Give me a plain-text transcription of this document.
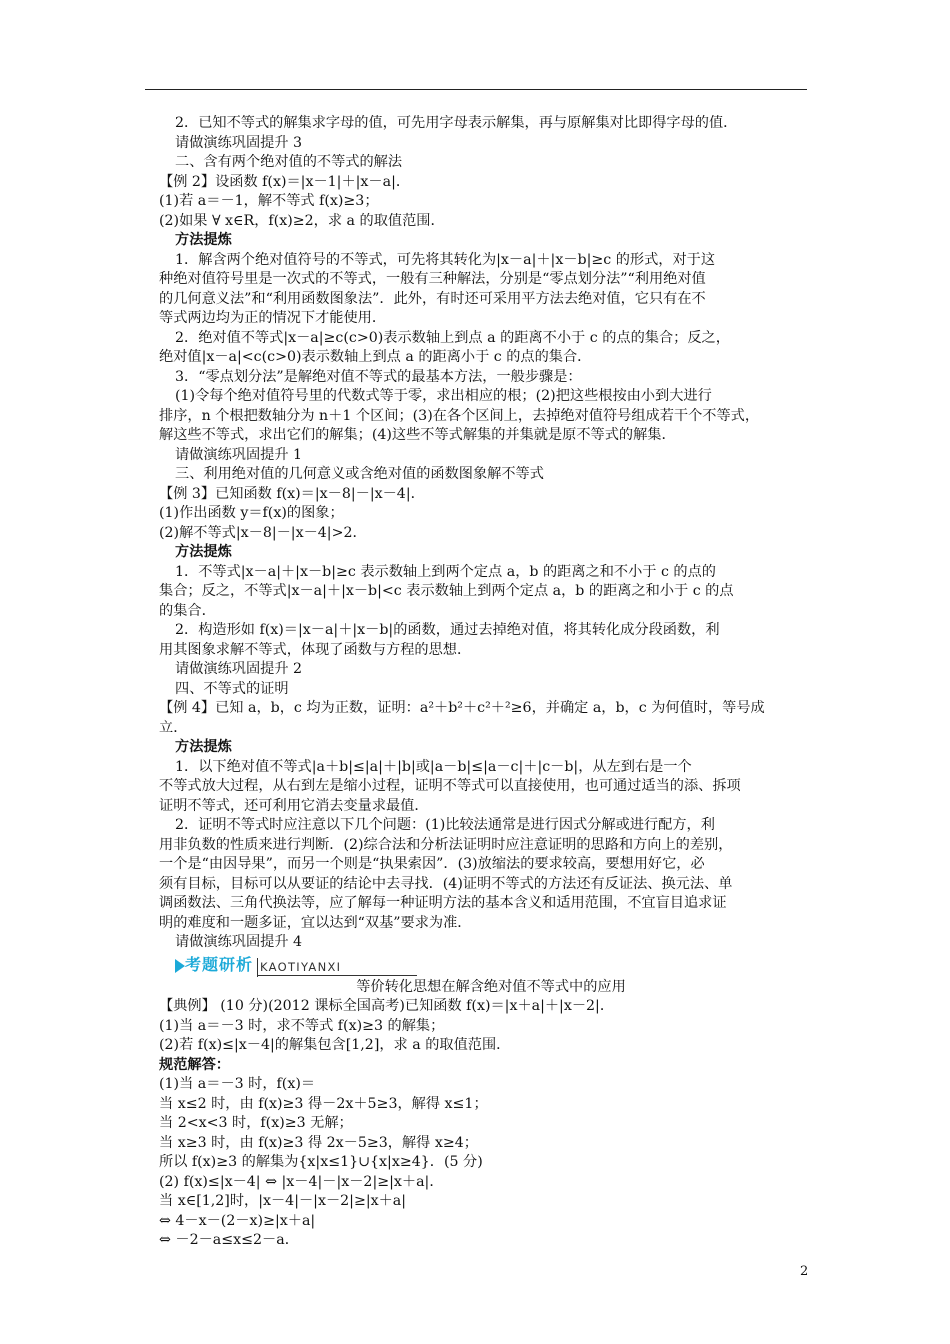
2．已知不等式的解集求字母的值，可先用字母表示解集，再与原解集对比即得字母的值．
请做演练巩固提升 3
二、含有两个绝对值的不等式的解法
【例 2】设函数 f(x)＝|x－1|＋|x－a|．
(1)若 a＝－1，解不等式 f(x)≥3；
(2)如果 ∀ x∈R，f(x)≥2，求 a 的取值范围．
方法提炼
1．解含两个绝对值符号的不等式，可先将其转化为|x－a|＋|x－b|≥c 的形式，对于这
种绝对值符号里是一次式的不等式，一般有三种解法，分别是“零点划分法”“利用绝对值
的几何意义法”和“利用函数图象法”．此外，有时还可采用平方法去绝对值，它只有在不
等式两边均为正的情况下才能使用．
2．绝对值不等式|x－a|≥c(c>0)表示数轴上到点 a 的距离不小于 c 的点的集合；反之，
绝对值|x－a|<c(c>0)表示数轴上到点 a 的距离小于 c 的点的集合．
3．“零点划分法”是解绝对值不等式的最基本方法，一般步骤是：
(1)令每个绝对值符号里的代数式等于零，求出相应的根；(2)把这些根按由小到大进行
排序，n 个根把数轴分为 n＋1 个区间；(3)在各个区间上，去掉绝对值符号组成若干个不等式，
解这些不等式，求出它们的解集；(4)这些不等式解集的并集就是原不等式的解集．
请做演练巩固提升 1
三、利用绝对值的几何意义或含绝对值的函数图象解不等式
【例 3】已知函数 f(x)＝|x－8|－|x－4|．
(1)作出函数 y＝f(x)的图象；
(2)解不等式|x－8|－|x－4|>2．
方法提炼
1．不等式|x－a|＋|x－b|≥c 表示数轴上到两个定点 a，b 的距离之和不小于 c 的点的
集合；反之，不等式|x－a|＋|x－b|<c 表示数轴上到两个定点 a，b 的距离之和小于 c 的点
的集合．
2．构造形如 f(x)＝|x－a|＋|x－b|的函数，通过去掉绝对值，将其转化成分段函数，利
用其图象求解不等式，体现了函数与方程的思想．
请做演练巩固提升 2
四、不等式的证明
【例 4】已知 a，b，c 均为正数，证明：a²＋b²＋c²＋²≥6，并确定 a，b，c 为何值时，等号成
立．
方法提炼
1．以下绝对值不等式|a＋b|≤|a|＋|b|或|a－b|≤|a－c|＋|c－b|，从左到右是一个
不等式放大过程，从右到左是缩小过程，证明不等式可以直接使用，也可通过适当的添、拆项
证明不等式，还可利用它消去变量求最值．
2．证明不等式时应注意以下几个问题：(1)比较法通常是进行因式分解或进行配方，利
用非负数的性质来进行判断．(2)综合法和分析法证明时应注意证明的思路和方向上的差别，
一个是“由因导果”，而另一个则是“执果索因”．(3)放缩法的要求较高，要想用好它，必
须有目标，目标可以从要证的结论中去寻找．(4)证明不等式的方法还有反证法、换元法、单
调函数法、三角代换法等，应了解每一种证明方法的基本含义和适用范围，不宜盲目追求证
明的难度和一题多证，宜以达到“双基”要求为准．
请做演练巩固提升 4
考题研析 KAOTIYANXI
等价转化思想在解含绝对值不等式中的应用
【典例】 (10 分)(2012 课标全国高考)已知函数 f(x)＝|x＋a|＋|x－2|．
(1)当 a＝－3 时，求不等式 f(x)≥3 的解集；
(2)若 f(x)≤|x－4|的解集包含[1,2]，求 a 的取值范围．
规范解答：
(1)当 a＝－3 时，f(x)＝
当 x≤2 时，由 f(x)≥3 得－2x＋5≥3，解得 x≤1；
当 2<x<3 时，f(x)≥3 无解；
当 x≥3 时，由 f(x)≥3 得 2x－5≥3，解得 x≥4；
所以 f(x)≥3 的解集为{x|x≤1}∪{x|x≥4}．(5 分)
(2) f(x)≤|x－4| ⇔ |x－4|－|x－2|≥|x＋a|．
当 x∈[1,2]时，|x－4|－|x－2|≥|x＋a|
⇔ 4－x－(2－x)≥|x＋a|
⇔ －2－a≤x≤2－a．
2
